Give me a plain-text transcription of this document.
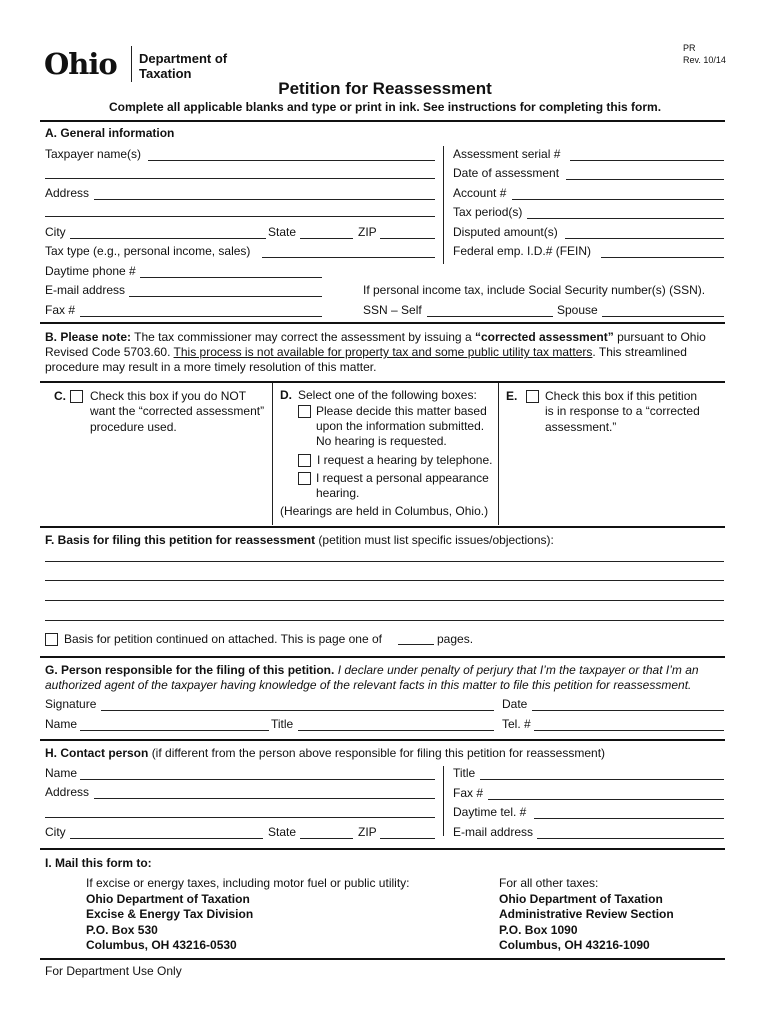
Ohio Department of
Taxation
PR
Rev. 10/14
Petition for Reassessment
Complete all applicable blanks and type or print in ink. See instructions for completing this form.
A. General information
Taxpayer name(s)
Address
City	State	ZIP
Tax type (e.g., personal income, sales)
Daytime phone #
E-mail address
Fax #
Assessment serial #
Date of assessment
Account #
Tax period(s)
Disputed amount(s)
Federal emp. I.D.# (FEIN)
If personal income tax, include Social Security number(s) (SSN).
SSN – Self	Spouse
B. Please note: The tax commissioner may correct the assessment by issuing a “corrected assessment” pursuant to Ohio
Revised Code 5703.60. This process is not available for property tax and some public utility tax matters. This streamlined
procedure may result in a more timely resolution of this matter.
C. Check this box if you do NOT
want the “corrected assessment”
procedure used.
D. Select one of the following boxes:
Please decide this matter based
upon the information submitted.
No hearing is requested.
I request a hearing by telephone.
I request a personal appearance
hearing.
(Hearings are held in Columbus, Ohio.)
E. Check this box if this petition
is in response to a “corrected
assessment.”
F. Basis for filing this petition for reassessment (petition must list specific issues/objections):
Basis for petition continued on attached. This is page one of	pages.
G. Person responsible for the filing of this petition. I declare under penalty of perjury that I’m the taxpayer or that I’m an
authorized agent of the taxpayer having knowledge of the relevant facts in this matter to file this petition for reassessment.
Signature	Date
Name	Title	Tel. #
H. Contact person (if different from the person above responsible for filing this petition for reassessment)
Name
Address
City	State	ZIP
Title
Fax #
Daytime tel. #
E-mail address
I. Mail this form to:
If excise or energy taxes, including motor fuel or public utility:
Ohio Department of Taxation
Excise & Energy Tax Division
P.O. Box 530
Columbus, OH 43216-0530
For all other taxes:
Ohio Department of Taxation
Administrative Review Section
P.O. Box 1090
Columbus, OH 43216-1090
For Department Use Only
